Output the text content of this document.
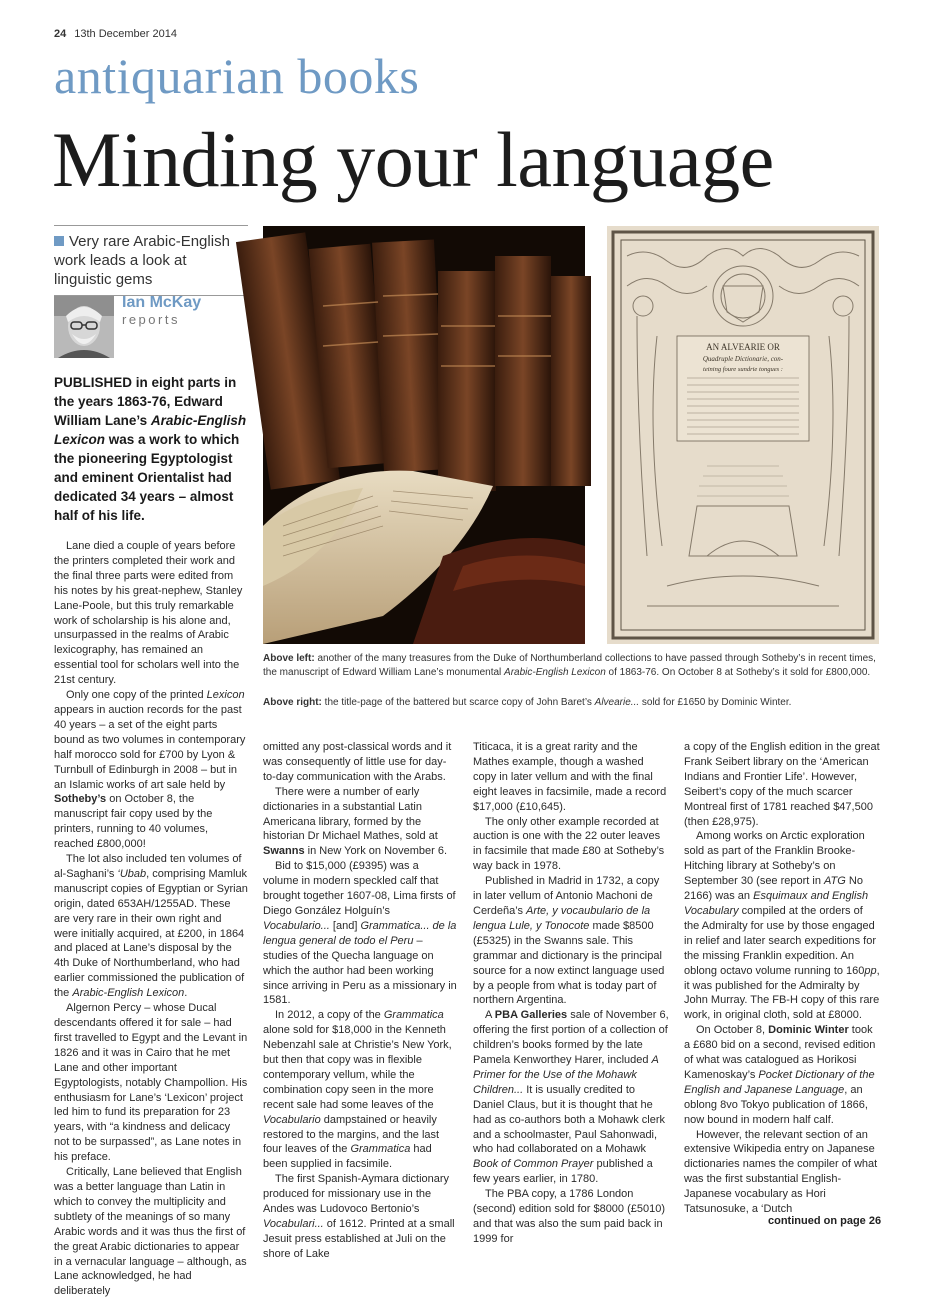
24 13th December 2014
antiquarian books
Minding your language
Very rare Arabic-English work leads a look at linguistic gems
Ian McKay
reports

PUBLISHED in eight parts in the years 1863-76, Edward William Lane’s Arabic-English Lexicon was a work to which the pioneering Egyptologist and eminent Orientalist had dedicated 34 years – almost half of his life.

Lane died a couple of years before the printers completed their work and the final three parts were edited from his notes by his great-nephew, Stanley Lane-Poole, but this truly remarkable work of scholarship is his alone and, unsurpassed in the realms of Arabic lexicography, has remained an essential tool for scholars well into the 21st century.

Only one copy of the printed Lexicon appears in auction records for the past 40 years – a set of the eight parts bound as two volumes in contemporary half morocco sold for £700 by Lyon & Turnbull of Edinburgh in 2008 – but in an Islamic works of art sale held by Sotheby’s on October 8, the manuscript fair copy used by the printers, running to 40 volumes, reached £800,000!

The lot also included ten volumes of al-Saghani’s ‘Ubab, comprising Mamluk manuscript copies of Egyptian or Syrian origin, dated 653AH/1255AD. These are very rare in their own right and were initially acquired, at £200, in 1864 and placed at Lane’s disposal by the 4th Duke of Northumberland, who had earlier commissioned the publication of the Arabic-English Lexicon.

Algernon Percy – whose Ducal descendants offered it for sale – had first travelled to Egypt and the Levant in 1826 and it was in Cairo that he met Lane and other important Egyptologists, notably Champollion. His enthusiasm for Lane’s ‘Lexicon’ project led him to fund its preparation for 23 years, with “a kindness and delicacy not to be surpassed”, as Lane notes in his preface.

Critically, Lane believed that English was a better language than Latin in which to convey the multiplicity and subtlety of the meanings of so many Arabic words and it was thus the first of the great Arabic dictionaries to appear in a vernacular language – although, as Lane acknowledged, he had deliberately

AN ALVEARIE OR
Quadruple Dictionarie, con-
teining foure sundrie tongues :
Above left: another of the many treasures from the Duke of Northumberland collections to have passed through Sotheby’s in recent times, the manuscript of Edward William Lane’s monumental Arabic-English Lexicon of 1863-76. On October 8 at Sotheby’s it sold for £800,000.
Above right: the title-page of the battered but scarce copy of John Baret’s Alvearie... sold for £1650 by Dominic Winter.

omitted any post-classical words and it was consequently of little use for day-to-day communication with the Arabs.

There were a number of early dictionaries in a substantial Latin Americana library, formed by the historian Dr Michael Mathes, sold at Swanns in New York on November 6.

Bid to $15,000 (£9395) was a volume in modern speckled calf that brought together 1607-08, Lima firsts of Diego González Holguín’s Vocabulario... [and] Grammatica... de la lengua general de todo el Peru – studies of the Quecha language on which the author had been working since arriving in Peru as a missionary in 1581.

In 2012, a copy of the Grammatica alone sold for $18,000 in the Kenneth Nebenzahl sale at Christie’s New York, but then that copy was in flexible contemporary vellum, while the combination copy seen in the more recent sale had some leaves of the Vocabulario dampstained or heavily restored to the margins, and the last four leaves of the Grammatica had been supplied in facsimile.

The first Spanish-Aymara dictionary produced for missionary use in the Andes was Ludovoco Bertonio’s Vocabulari... of 1612. Printed at a small Jesuit press established at Juli on the shore of Lake

Titicaca, it is a great rarity and the Mathes example, though a washed copy in later vellum and with the final eight leaves in facsimile, made a record $17,000 (£10,645).

The only other example recorded at auction is one with the 22 outer leaves in facsimile that made £80 at Sotheby’s way back in 1978.

Published in Madrid in 1732, a copy in later vellum of Antonio Machoni de Cerdeña’s Arte, y vocaubulario de la lengua Lule, y Tonocote made $8500 (£5325) in the Swanns sale. This grammar and dictionary is the principal source for a now extinct language used by a people from what is today part of northern Argentina.

A PBA Galleries sale of November 6, offering the first portion of a collection of children’s books formed by the late Pamela Kenworthey Harer, included A Primer for the Use of the Mohawk Children... It is usually credited to Daniel Claus, but it is thought that he had as co-authors both a Mohawk clerk and a schoolmaster, Paul Sahonwadi, who had collaborated on a Mohawk Book of Common Prayer published a few years earlier, in 1780.

The PBA copy, a 1786 London (second) edition sold for $8000 (£5010) and that was also the sum paid back in 1999 for

a copy of the English edition in the great Frank Seibert library on the ‘American Indians and Frontier Life’. However, Seibert’s copy of the much scarcer Montreal first of 1781 reached $47,500 (then £28,975).

Among works on Arctic exploration sold as part of the Franklin Brooke-Hitching library at Sotheby’s on September 30 (see report in ATG No 2166) was an Esquimaux and English Vocabulary compiled at the orders of the Admiralty for use by those engaged in relief and later search expeditions for the missing Franklin expedition. An oblong octavo volume running to 160pp, it was published for the Admiralty by John Murray. The FB-H copy of this rare work, in original cloth, sold at £8000.

On October 8, Dominic Winter took a £680 bid on a second, revised edition of what was catalogued as Horikosi Kamenoskay’s Pocket Dictionary of the English and Japanese Language, an oblong 8vo Tokyo publication of 1866, now bound in modern half calf.

However, the relevant section of an extensive Wikipedia entry on Japanese dictionaries names the compiler of what was the first substantial English-Japanese vocabulary as Hori Tatsunosuke, a ‘Dutch

continued on page 26
